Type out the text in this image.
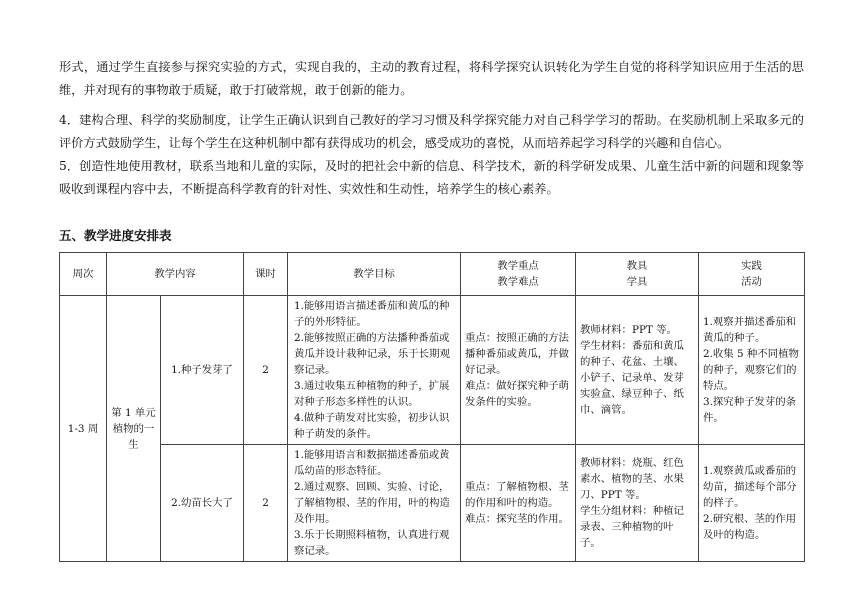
形式，通过学生直接参与探究实验的方式，实现自我的，主动的教育过程，将科学探究认识转化为学生自觉的将科学知识应用于生活的思维，并对现有的事物敢于质疑，敢于打破常规，敢于创新的能力。

4．建构合理、科学的奖励制度，让学生正确认识到自己教好的学习习惯及科学探究能力对自己科学学习的帮助。在奖励机制上采取多元的评价方式鼓励学生，让每个学生在这种机制中都有获得成功的机会，感受成功的喜悦，从而培养起学习科学的兴趣和自信心。

5．创造性地使用教材，联系当地和儿童的实际，及时的把社会中新的信息、科学技术，新的科学研发成果、儿童生活中新的问题和现象等吸收到课程内容中去，不断提高科学教育的针对性、实效性和生动性，培养学生的核心素养。

五、教学进度安排表
周次	教学内容		课时	教学目标	教学重点
教学难点	教具
学具	实践
活动
1-3 周	第 1 单元
植物的一
生	1.种子发芽了	2	1.能够用语言描述番茄和黄瓜的种子的外形特征。
2.能够按照正确的方法播种番茄或黄瓜并设计栽种记录，乐于长期观察记录。
3.通过收集五种植物的种子，扩展对种子形态多样性的认识。
4.做种子萌发对比实验，初步认识种子萌发的条件。	重点：按照正确的方法播种番茄或黄瓜，并做好记录。
难点：做好探究种子萌发条件的实验。	教师材料：PPT 等。
学生材料：番茄和黄瓜的种子、花盆、土壤、小铲子、记录单、发芽实验盒、绿豆种子、纸巾、滴管。	1.观察并描述番茄和黄瓜的种子。
2.收集 5 种不同植物的种子，观察它们的特点。
3.探究种子发芽的条件。
		2.幼苗长大了	2	1.能够用语言和数据描述番茄或黄瓜幼苗的形态特征。
2.通过观察、回顾、实验、讨论，了解植物根、茎的作用，叶的构造及作用。
3.乐于长期照料植物，认真进行观察记录。	重点：了解植物根、茎的作用和叶的构造。
难点：探究茎的作用。	教师材料：烧瓶、红色素水、植物的茎、水果刀、PPT 等。
学生分组材料：种植记录表、三种植物的叶子。	1.观察黄瓜或番茄的幼苗，描述每个部分的样子。
2.研究根、茎的作用及叶的构造。
